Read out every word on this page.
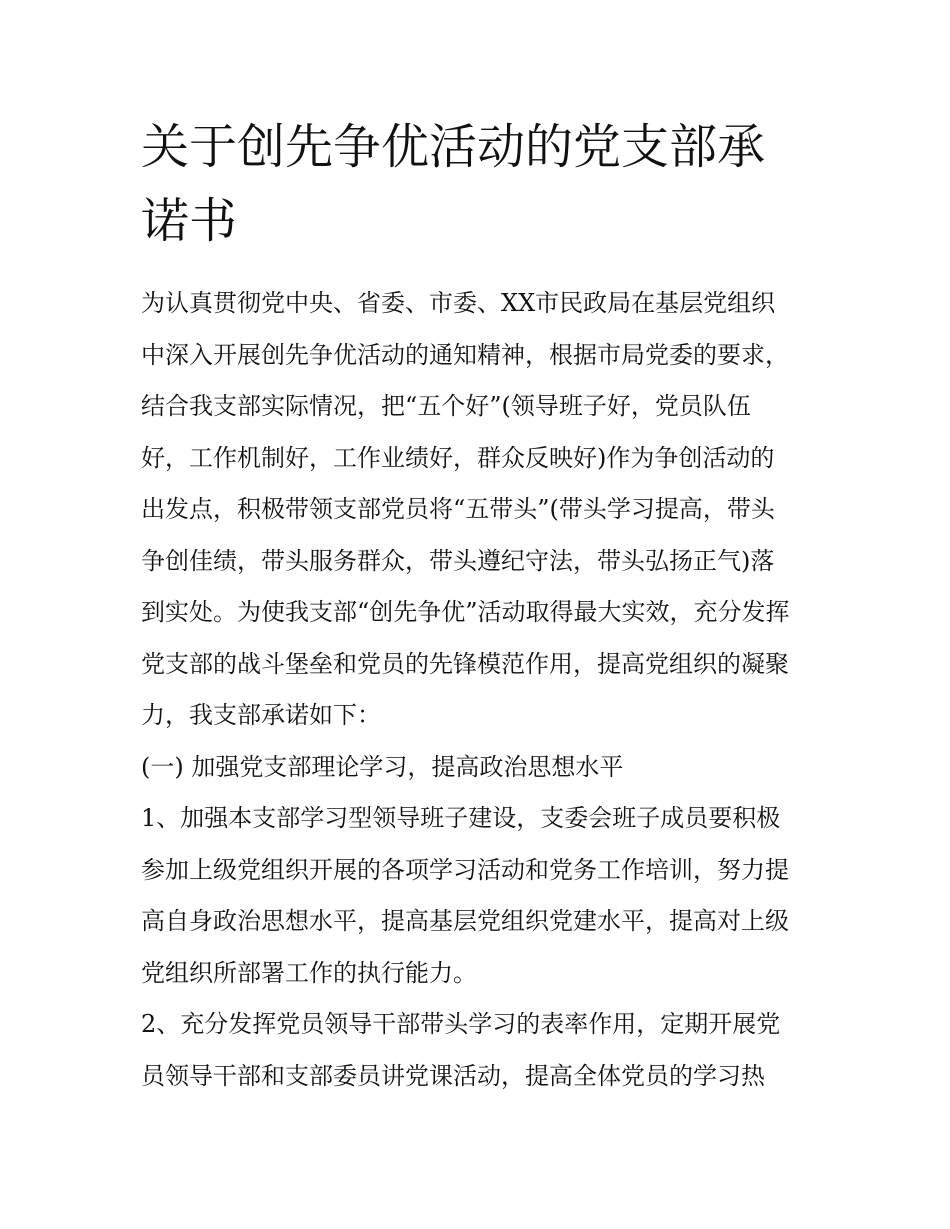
关于创先争优活动的党支部承
诺书
为认真贯彻党中央、省委、市委、XX市民政局在基层党组织
中深入开展创先争优活动的通知精神，根据市局党委的要求，
结合我支部实际情况，把“五个好”(领导班子好，党员队伍
好，工作机制好，工作业绩好，群众反映好)作为争创活动的
出发点，积极带领支部党员将“五带头”(带头学习提高，带头
争创佳绩，带头服务群众，带头遵纪守法，带头弘扬正气)落
到实处。为使我支部“创先争优”活动取得最大实效，充分发挥
党支部的战斗堡垒和党员的先锋模范作用，提高党组织的凝聚
力，我支部承诺如下：
(一) 加强党支部理论学习，提高政治思想水平
1、加强本支部学习型领导班子建设，支委会班子成员要积极
参加上级党组织开展的各项学习活动和党务工作培训，努力提
高自身政治思想水平，提高基层党组织党建水平，提高对上级
党组织所部署工作的执行能力。
2、充分发挥党员领导干部带头学习的表率作用，定期开展党
员领导干部和支部委员讲党课活动，提高全体党员的学习热
